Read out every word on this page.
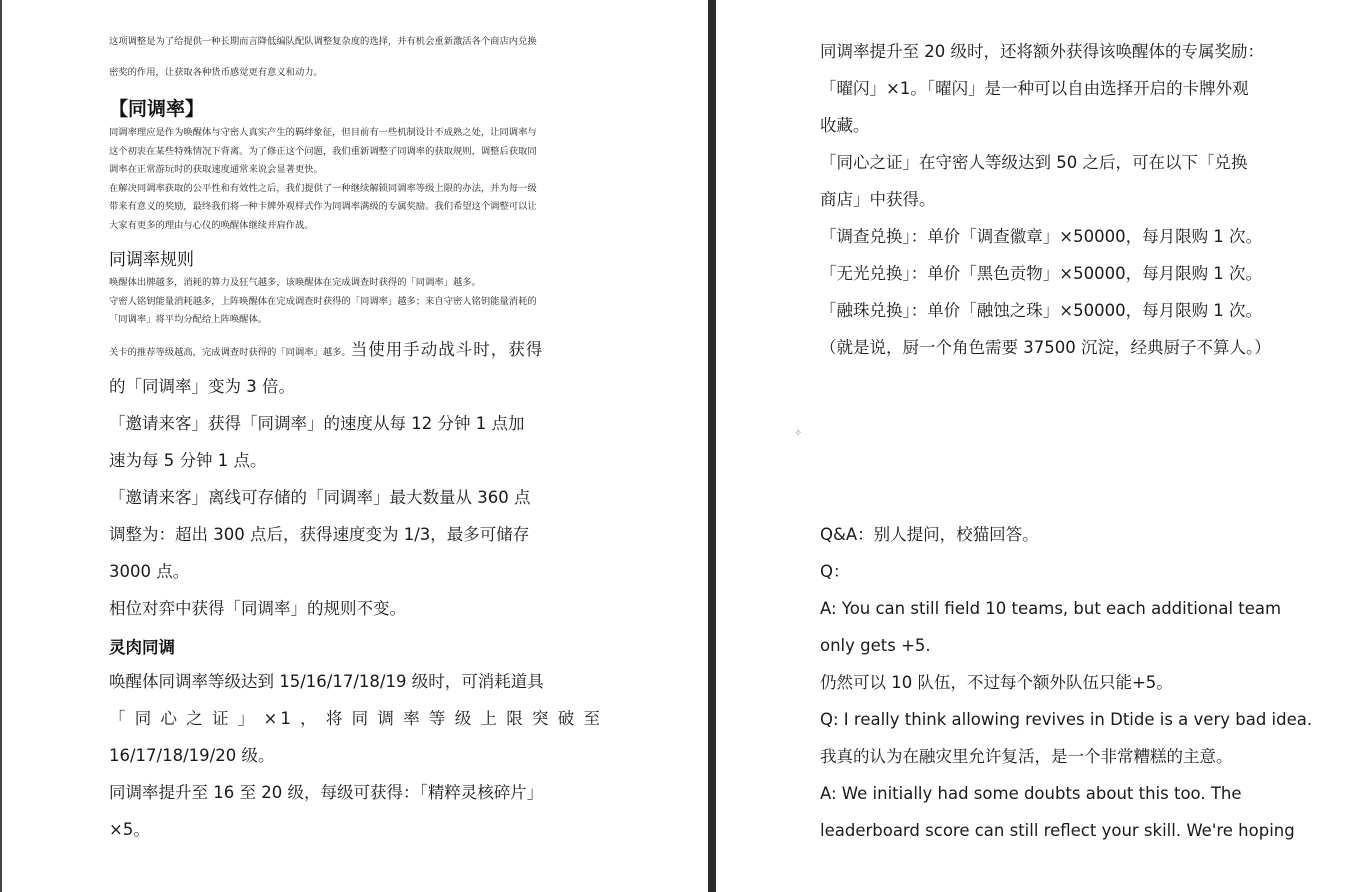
这项调整是为了给提供一种长期而言降低编队配队调整复杂度的选择，并有机会重新激活各个商店内兑换

密奖的作用，让获取各种货币感觉更有意义和动力。

【同调率】

同调率理应是作为唤醒体与守密人真实产生的羁绊象征，但目前有一些机制设计不成熟之处，让同调率与

这个初衷在某些特殊情况下背离。为了修正这个问题，我们重新调整了同调率的获取规则，调整后获取同

调率在正常游玩时的获取速度通常来说会显著更快。

在解决同调率获取的公平性和有效性之后，我们提供了一种继续解锁同调率等级上限的办法，并为每一级

带来有意义的奖励，最终我们将一种卡牌外观样式作为同调率满级的专属奖励。我们希望这个调整可以让

大家有更多的理由与心仪的唤醒体继续并肩作战。

同调率规则

唤醒体出牌越多，消耗的算力及狂气越多，该唤醒体在完成调查时获得的「同调率」越多。

守密人铭钥能量消耗越多，上阵唤醒体在完成调查时获得的「同调率」越多；来自守密人铭钥能量消耗的

「同调率」将平均分配给上阵唤醒体。

关卡的推荐等级越高，完成调查时获得的「同调率」越多。当使用手动战斗时，获得

的「同调率」变为 3 倍。

「邀请来客」获得「同调率」的速度从每 12 分钟 1 点加

速为每 5 分钟 1 点。

「邀请来客」离线可存储的「同调率」最大数量从 360 点

调整为：超出 300 点后，获得速度变为 1/3，最多可储存

3000 点。

相位对弈中获得「同调率」的规则不变。

灵肉同调

唤醒体同调率等级达到 15/16/17/18/19 级时，可消耗道具

「同心之证」×1，将同调率等级上限突破至

16/17/18/19/20 级。

同调率提升至 16 至 20 级，每级可获得：「精粹灵核碎片」

×5。

同调率提升至 20 级时，还将额外获得该唤醒体的专属奖励：

「曜闪」×1。「曜闪」是一种可以自由选择开启的卡牌外观

收藏。

「同心之证」在守密人等级达到 50 之后，可在以下「兑换

商店」中获得。

「调查兑换」：单价「调查徽章」×50000，每月限购 1 次。

「无光兑换」：单价「黑色贡物」×50000，每月限购 1 次。

「融珠兑换」：单价「融蚀之珠」×50000，每月限购 1 次。

（就是说，厨一个角色需要 37500 沉淀，经典厨子不算人。）

✧

Q&A：别人提问，校猫回答。

Q：

A: You can still field 10 teams, but each additional team

only gets +5.

仍然可以 10 队伍，不过每个额外队伍只能+5。

Q: I really think allowing revives in Dtide is a very bad idea.

我真的认为在融灾里允许复活，是一个非常糟糕的主意。

A: We initially had some doubts about this too. The

leaderboard score can still reflect your skill. We're hoping
